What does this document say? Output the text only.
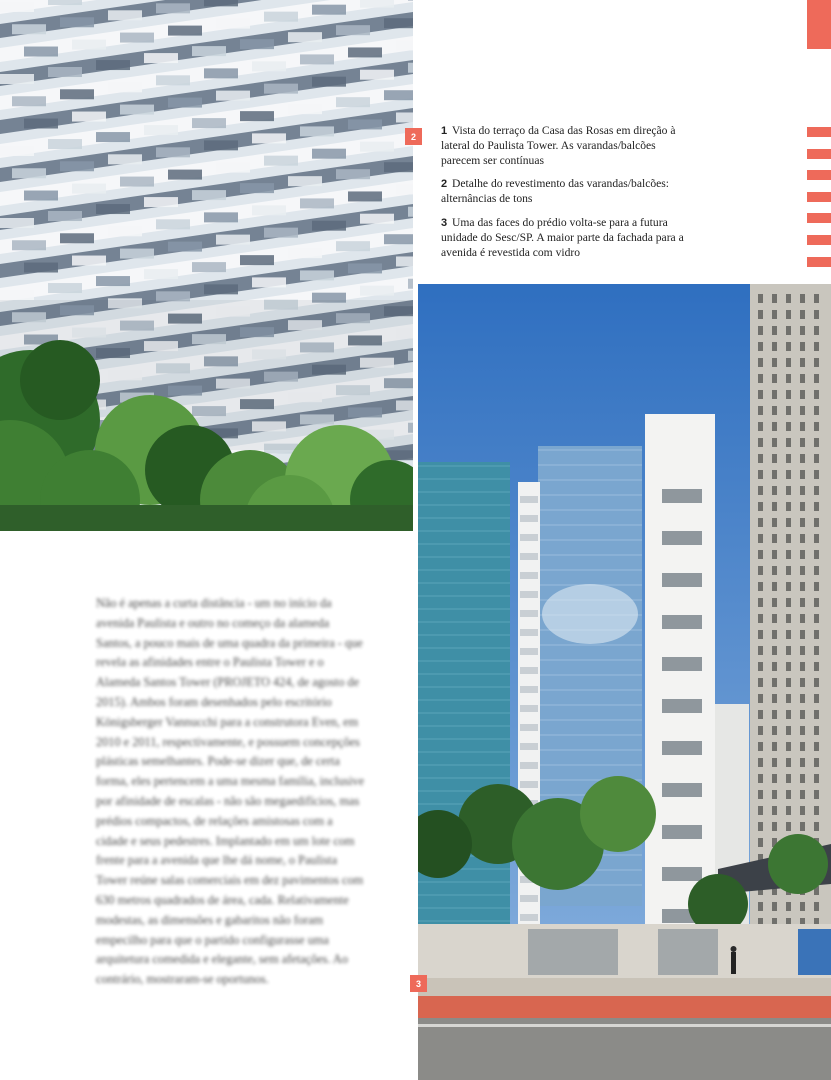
2
3

1 Vista do terraço da Casa das Rosas em direção à lateral do Paulista Tower. As varandas/balcões parecem ser contínuas

2 Detalhe do revestimento das varandas/balcões: alternâncias de tons

3 Uma das faces do prédio volta-se para a futura unidade do Sesc/SP. A maior parte da fachada para a avenida é revestida com vidro

Não é apenas a curta distância - um no início da avenida Paulista e outro no começo da alameda Santos, a pouco mais de uma quadra da primeira - que revela as afinidades entre o Paulista Tower e o Alameda Santos Tower (PROJETO 424, de agosto de 2015). Ambos foram desenhados pelo escritório Königsberger Vannucchi para a construtora Even, em 2010 e 2011, respectivamente, e possuem concepções plásticas semelhantes. Pode-se dizer que, de certa forma, eles pertencem a uma mesma família, inclusive por afinidade de escalas - não são megaedifícios, mas prédios compactos, de relações amistosas com a cidade e seus pedestres. Implantado em um lote com frente para a avenida que lhe dá nome, o Paulista Tower reúne salas comerciais em dez pavimentos com 630 metros quadrados de área, cada. Relativamente modestas, as dimensões e gabaritos não foram empecilho para que o partido configurasse uma arquitetura comedida e elegante, sem afetações. Ao contrário, mostraram-se oportunos.
